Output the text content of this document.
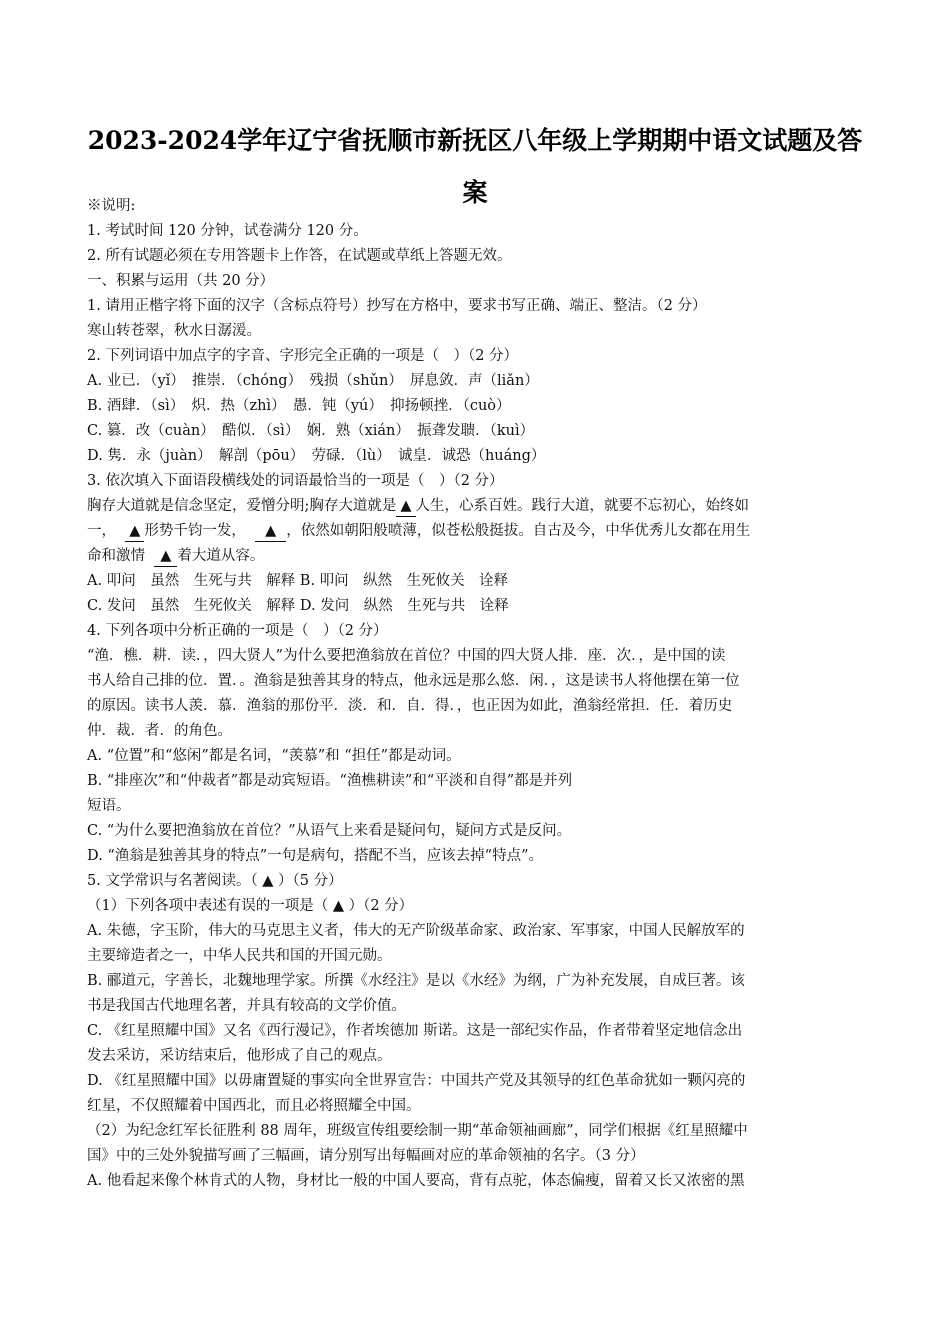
2023-2024学年辽宁省抚顺市新抚区八年级上学期期中语文试题及答
案
※说明:
1. 考试时间 120 分钟，试卷满分 120 分。
2. 所有试题必须在专用答题卡上作答，在试题或草纸上答题无效。
一、积累与运用（共 20 分）
1. 请用正楷字将下面的汉字（含标点符号）抄写在方格中，要求书写正确、端正、整洁。（2 分）
寒山转苍翠，秋水日潺湲。
2. 下列词语中加点字的字音、字形完全正确的一项是（　）（2 分）
A. 业已．（yǐ）　推崇．（chóng）　残损（shǔn）　屏息敛．声（liǎn）
B. 酒肆．（sì）　炽．热（zhì）　愚．钝（yú）　抑扬顿挫．（cuò）
C. 篡．改（cuàn）　酷似．（sì）　娴．熟（xián）　振聋发聩．（kuì）
D. 隽．永（juàn）　解剖（pōu）　劳碌．（lù）　诚皇．诚恐（huáng）
3. 依次填入下面语段横线处的词语最恰当的一项是（　）（2 分）
胸存大道就是信念坚定，爱憎分明;胸存大道就是 ▲ 人生，心系百姓。践行大道，就要不忘初心，始终如
一， ▲ 形势千钧一发， ▲ ，依然如朝阳般喷薄，似苍松般挺拔。自古及今，中华优秀儿女都在用生
命和激情 ▲ 着大道从容。
A. 叩问　虽然　生死与共　解释 B. 叩问　纵然　生死攸关　诠释
C. 发问　虽然　生死攸关　解释 D. 发问　纵然　生死与共　诠释
4. 下列各项中分析正确的一项是（　）（2 分）
“渔．樵．耕．读．，四大贤人”为什么要把渔翁放在首位？中国的四大贤人排．座．次．，是中国的读
书人给自己排的位．置．。渔翁是独善其身的特点，他永远是那么悠．闲．，这是读书人将他摆在第一位
的原因。读书人羡．慕．渔翁的那份平．淡．和．自．得．，也正因为如此，渔翁经常担．任．着历史
仲．裁．者．的角色。
A. “位置”和“悠闲”都是名词，“羡慕”和 “担任”都是动词。
B. “排座次”和“仲裁者”都是动宾短语。“渔樵耕读”和“平淡和自得”都是并列
短语。
C. “为什么要把渔翁放在首位？”从语气上来看是疑问句，疑问方式是反问。
D. “渔翁是独善其身的特点”一句是病句，搭配不当，应该去掉“特点”。
5. 文学常识与名著阅读。（ ▲ ）（5 分）
（1）下列各项中表述有误的一项是（ ▲ ）（2 分）
A. 朱德，字玉阶，伟大的马克思主义者，伟大的无产阶级革命家、政治家、军事家，中国人民解放军的
主要缔造者之一，中华人民共和国的开国元勋。
B. 郦道元，字善长，北魏地理学家。所撰《水经注》是以《水经》为纲，广为补充发展，自成巨著。该
书是我国古代地理名著，并具有较高的文学价值。
C. 《红星照耀中国》又名《西行漫记》，作者埃德加 斯诺。这是一部纪实作品，作者带着坚定地信念出
发去采访，采访结束后，他形成了自己的观点。
D. 《红星照耀中国》以毋庸置疑的事实向全世界宣告：中国共产党及其领导的红色革命犹如一颗闪亮的
红星，不仅照耀着中国西北，而且必将照耀全中国。
（2）为纪念红军长征胜利 88 周年，班级宣传组要绘制一期“革命领袖画廊”，同学们根据《红星照耀中
国》中的三处外貌描写画了三幅画，请分别写出每幅画对应的革命领袖的名字。（3 分）
A. 他看起来像个林肯式的人物，身材比一般的中国人要高，背有点驼，体态偏瘦，留着又长又浓密的黑
